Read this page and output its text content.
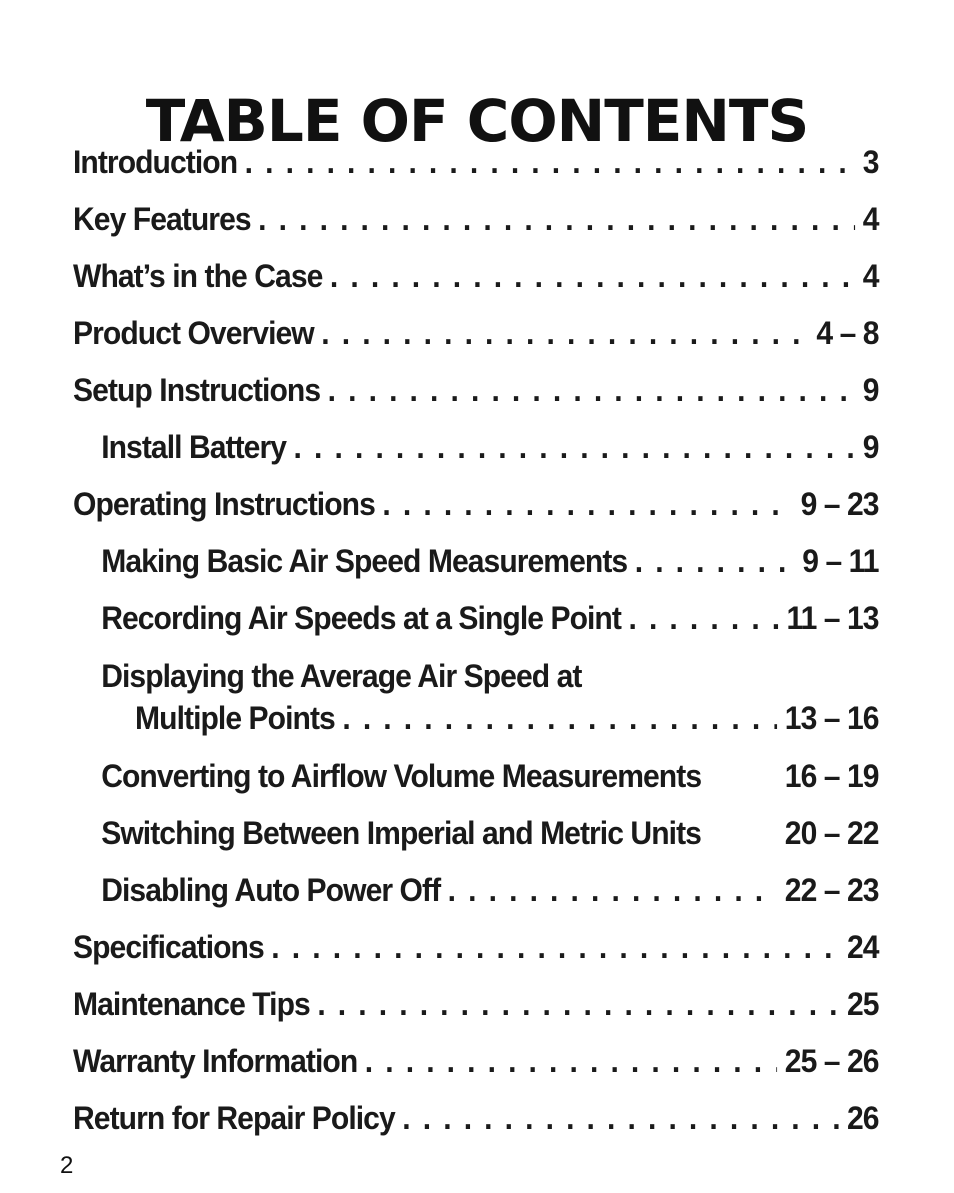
TABLE OF CONTENTS
Introduction . . .	3
Key Features . . .	4
What’s in the Case . . .	4
Product Overview . . .	4 – 8
Setup Instructions . . .	9
Install Battery . . .	9
Operating Instructions . . .	9 – 23
Making Basic Air Speed Measurements . . .	9 – 11
Recording Air Speeds at a Single Point . . .	11 – 13
Displaying the Average Air Speed at
Multiple Points . . .	13 – 16
Converting to Airflow Volume Measurements	16 – 19
Switching Between Imperial and Metric Units	20 – 22
Disabling Auto Power Off . . .	22 – 23
Specifications . . .	24
Maintenance Tips . . .	25
Warranty Information . . .	25 – 26
Return for Repair Policy . . .	26
2
